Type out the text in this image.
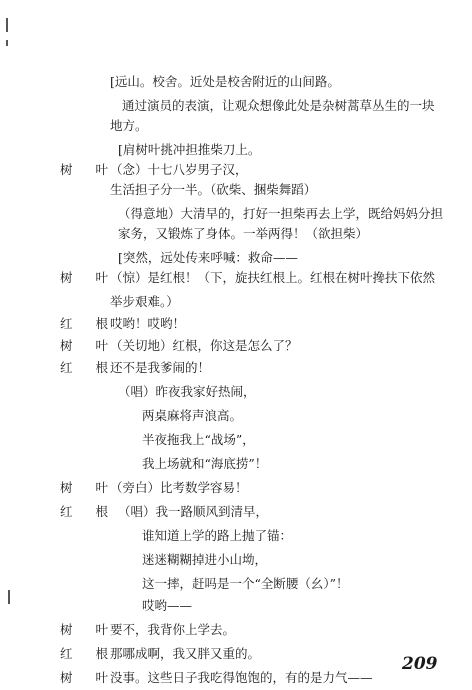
[远山。校舍。近处是校舍附近的山间路。
通过演员的表演，让观众想像此处是杂树蒿草丛生的一块
地方。
[肩树叶挑冲担推柴刀上。
树 叶 （念）十七八岁男子汉，
生活担子分一半。（砍柴、捆柴舞蹈）
（得意地）大清早的，打好一担柴再去上学，既给妈妈分担
家务，又锻炼了身体。一举两得！（欲担柴）
[突然，远处传来呼喊：救命——
树 叶 （惊）是红根！（下，旋扶红根上。红根在树叶搀扶下依然
举步艰难。）
红 根 哎哟！哎哟！
树 叶 （关切地）红根，你这是怎么了？
红 根 还不是我爹闹的！
（唱）昨夜我家好热闹，
两桌麻将声浪高。
半夜拖我上“战场”，
我上场就和“海底捞”！
树 叶 （旁白）比考数学容易！
红 根 （唱）我一路顺风到清早，
谁知道上学的路上抛了锚：
迷迷糊糊掉进小山坳，
这一摔，赶吗是一个“全断腰（幺）”！
哎哟——
树 叶 要不，我背你上学去。
红 根 那哪成啊，我又胖又重的。
树 叶 没事。这些日子我吃得饱饱的，有的是力气——
209
